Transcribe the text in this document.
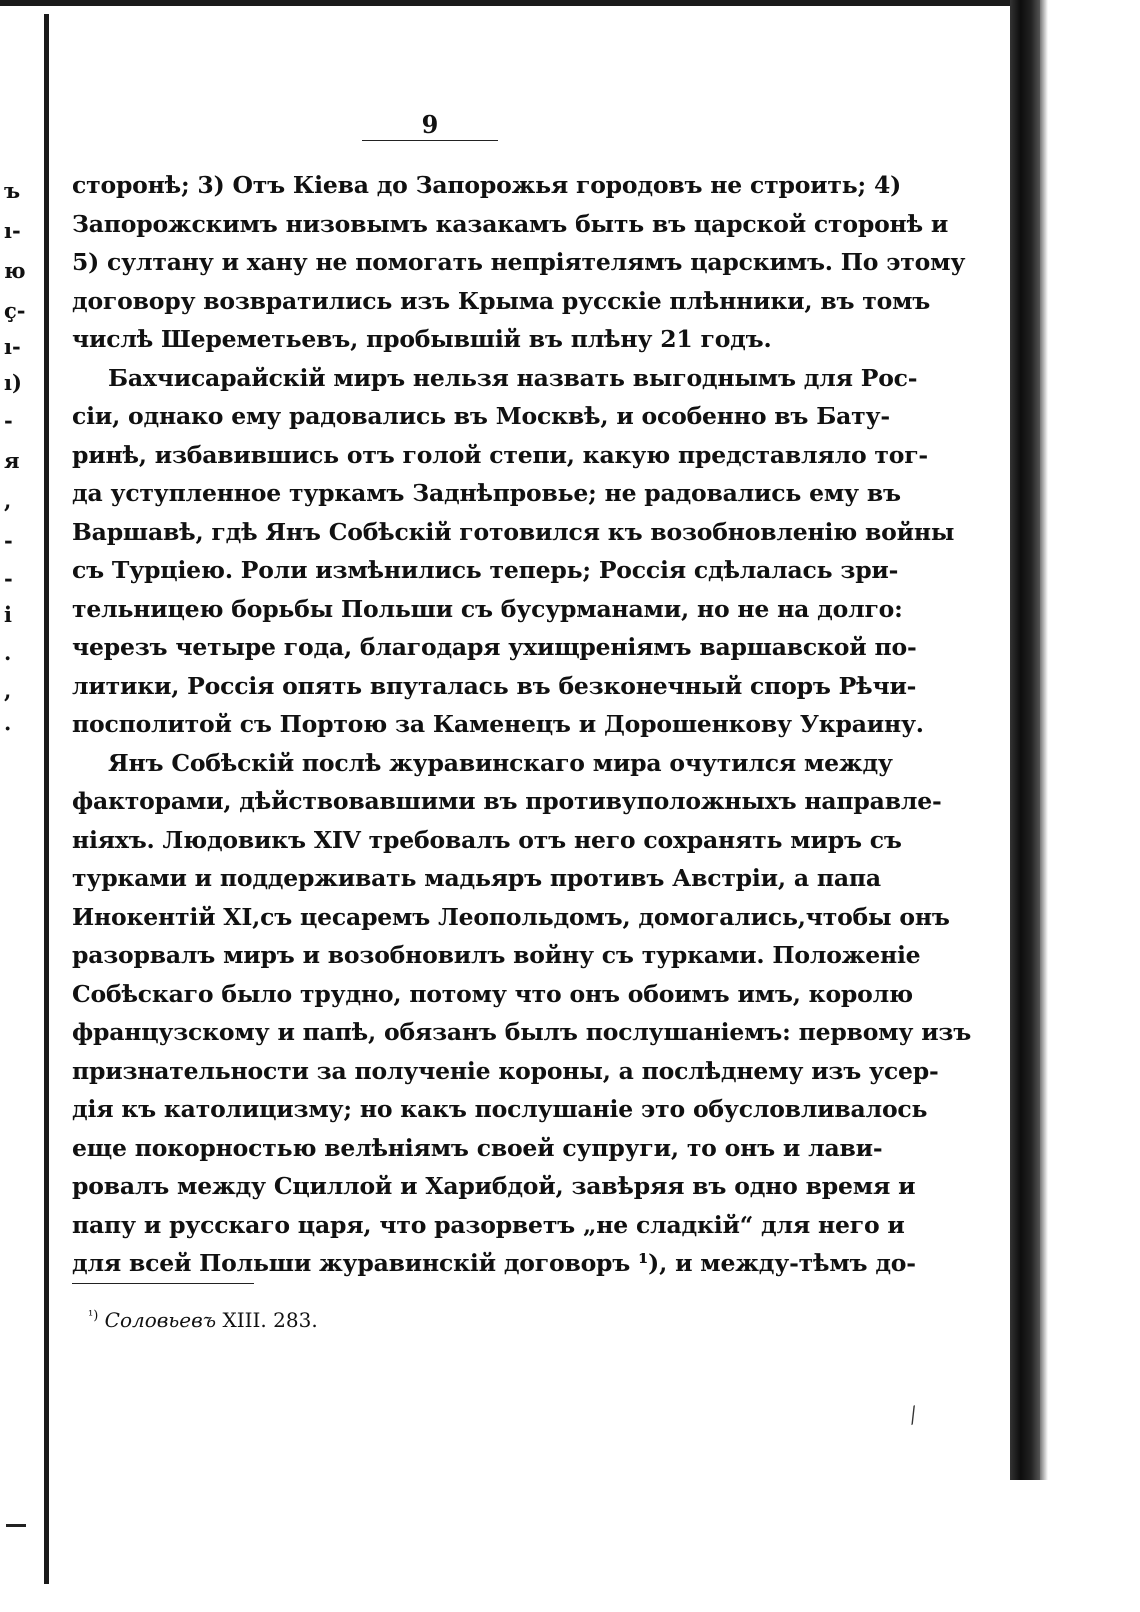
ъ
ı-
ю
ç-
ı-
ı)
-
я
,
-
-
і
.
,
·
9
сторонѣ; 3) Отъ Кіева до Запорожья городовъ не строить; 4)
Запорожскимъ низовымъ казакамъ быть въ царской сторонѣ и
5) султану и хану не помогать непріятелямъ царскимъ. По этому
договору возвратились изъ Крыма русскіе плѣнники, въ томъ
числѣ Шереметьевъ, пробывшій въ плѣну 21 годъ.
Бахчисарайскій миръ нельзя назвать выгоднымъ для Рос-
сіи, однако ему радовались въ Москвѣ, и особенно въ Бату-
ринѣ, избавившись отъ голой степи, какую представляло тог-
да уступленное туркамъ Заднѣпровье; не радовались ему въ
Варшавѣ, гдѣ Янъ Собѣскій готовился къ возобновленію войны
съ Турціею. Роли измѣнились теперь; Россія сдѣлалась зри-
тельницею борьбы Польши съ бусурманами, но не на долго:
черезъ четыре года, благодаря ухищреніямъ варшавской по-
литики, Россія опять впуталась въ безконечный споръ Рѣчи-
посполитой съ Портою за Каменецъ и Дорошенкову Украину.
Янъ Собѣскій послѣ журавинскаго мира очутился между
факторами, дѣйствовавшими въ противуположныхъ направле-
ніяхъ. Людовикъ XIV требовалъ отъ него сохранять миръ съ
турками и поддерживать мадьяръ противъ Австріи, а папа
Инокентій XI,съ цесаремъ Леопольдомъ, домогались,чтобы онъ
разорвалъ миръ и возобновилъ войну съ турками. Положеніе
Собѣскаго было трудно, потому что онъ обоимъ имъ, королю
французскому и папѣ, обязанъ былъ послушаніемъ: первому изъ
признательности за полученіе короны, а послѣднему изъ усер-
дія къ католицизму; но какъ послушаніе это обусловливалось
еще покорностью велѣніямъ своей супруги, то онъ и лави-
ровалъ между Сциллой и Харибдой, завѣряя въ одно время и
папу и русскаго царя, что разорветъ „не сладкій“ для него и
для всей Польши журавинскій договоръ ¹), и между-тѣмъ до-
$^{^1)}$ Соловьевъ XIII. 283.
⁄
